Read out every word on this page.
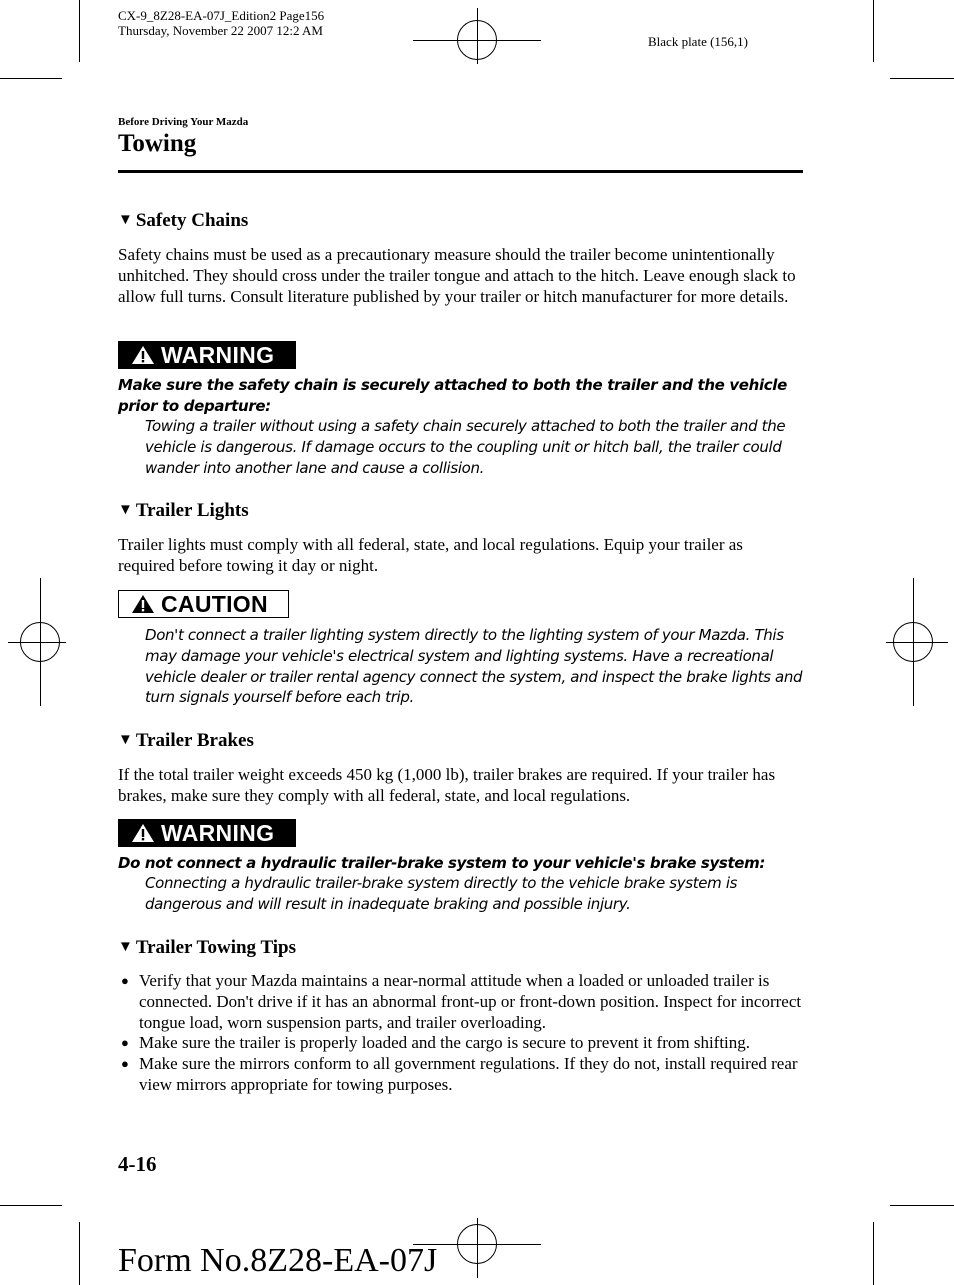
CX-9_8Z28-EA-07J_Edition2 Page156
Thursday, November 22 2007 12:2 AM
Black plate (156,1)
Before Driving Your Mazda
Towing
▼ Safety Chains
Safety chains must be used as a precautionary measure should the trailer become unintentionally unhitched. They should cross under the trailer tongue and attach to the hitch. Leave enough slack to allow full turns. Consult literature published by your trailer or hitch manufacturer for more details.
WARNING
Make sure the safety chain is securely attached to both the trailer and the vehicle prior to departure:
Towing a trailer without using a safety chain securely attached to both the trailer and the vehicle is dangerous. If damage occurs to the coupling unit or hitch ball, the trailer could wander into another lane and cause a collision.
▼ Trailer Lights
Trailer lights must comply with all federal, state, and local regulations. Equip your trailer as required before towing it day or night.
CAUTION
Don't connect a trailer lighting system directly to the lighting system of your Mazda. This may damage your vehicle's electrical system and lighting systems. Have a recreational vehicle dealer or trailer rental agency connect the system, and inspect the brake lights and turn signals yourself before each trip.
▼ Trailer Brakes
If the total trailer weight exceeds 450 kg (1,000 lb), trailer brakes are required. If your trailer has brakes, make sure they comply with all federal, state, and local regulations.
WARNING
Do not connect a hydraulic trailer-brake system to your vehicle's brake system:
Connecting a hydraulic trailer-brake system directly to the vehicle brake system is dangerous and will result in inadequate braking and possible injury.
▼ Trailer Towing Tips
● Verify that your Mazda maintains a near-normal attitude when a loaded or unloaded trailer is connected. Don't drive if it has an abnormal front-up or front-down position. Inspect for incorrect tongue load, worn suspension parts, and trailer overloading.
● Make sure the trailer is properly loaded and the cargo is secure to prevent it from shifting.
● Make sure the mirrors conform to all government regulations. If they do not, install required rear view mirrors appropriate for towing purposes.
4-16
Form No.8Z28-EA-07J
